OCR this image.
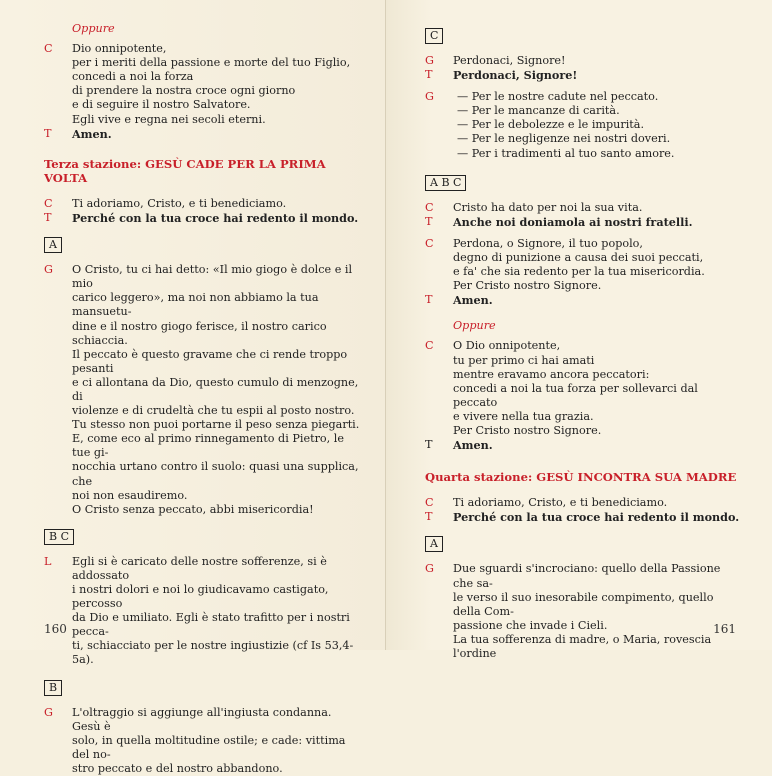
Oppure
C	Dio onnipotente,
per i meriti della passione e morte del tuo Figlio,
concedi a noi la forza
di prendere la nostra croce ogni giorno
e di seguire il nostro Salvatore.
Egli vive e regna nei secoli eterni.
T	Amen.
Terza stazione: GESÙ CADE PER LA PRIMA VOLTA
C	Ti adoriamo, Cristo, e ti benediciamo.
T	Perché con la tua croce hai redento il mondo.
A
G	O Cristo, tu ci hai detto: «Il mio giogo è dolce e il mio
carico leggero», ma noi non abbiamo la tua mansuetu-
dine e il nostro giogo ferisce, il nostro carico schiaccia.
Il peccato è questo gravame che ci rende troppo pesanti
e ci allontana da Dio, questo cumulo di menzogne, di
violenze e di crudeltà che tu espii al posto nostro.
Tu stesso non puoi portarne il peso senza piegarti.
E, come eco al primo rinnegamento di Pietro, le tue gi-
nocchia urtano contro il suolo: quasi una supplica, che
noi non esaudiremo.
O Cristo senza peccato, abbi misericordia!
B C
L	Egli si è caricato delle nostre sofferenze, si è addossato
i nostri dolori e noi lo giudicavamo castigato, percosso
da Dio e umiliato. Egli è stato trafitto per i nostri pecca-
ti, schiacciato per le nostre ingiustizie (cf Is 53,4-5a).
B
G	L'oltraggio si aggiunge all'ingiusta condanna. Gesù è
solo, in quella moltitudine ostile; e cade: vittima del no-
stro peccato e del nostro abbandono.
160	161
C
G	Perdonaci, Signore!
T	Perdonaci, Signore!
G	— Per le nostre cadute nel peccato.
— Per le mancanze di carità.
— Per le debolezze e le impurità.
— Per le negligenze nei nostri doveri.
— Per i tradimenti al tuo santo amore.
A B C
C	Cristo ha dato per noi la sua vita.
T	Anche noi doniamola ai nostri fratelli.
C	Perdona, o Signore, il tuo popolo,
degno di punizione a causa dei suoi peccati,
e fa' che sia redento per la tua misericordia.
Per Cristo nostro Signore.
T	Amen.
Oppure
C	O Dio onnipotente,
tu per primo ci hai amati
mentre eravamo ancora peccatori:
concedi a noi la tua forza per sollevarci dal peccato
e vivere nella tua grazia.
Per Cristo nostro Signore.
T	Amen.
Quarta stazione: GESÙ INCONTRA SUA MADRE
C	Ti adoriamo, Cristo, e ti benediciamo.
T	Perché con la tua croce hai redento il mondo.
A
G	Due sguardi s'incrociano: quello della Passione che sa-
le verso il suo inesorabile compimento, quello della Com-
passione che invade i Cieli.
La tua sofferenza di madre, o Maria, rovescia l'ordine
